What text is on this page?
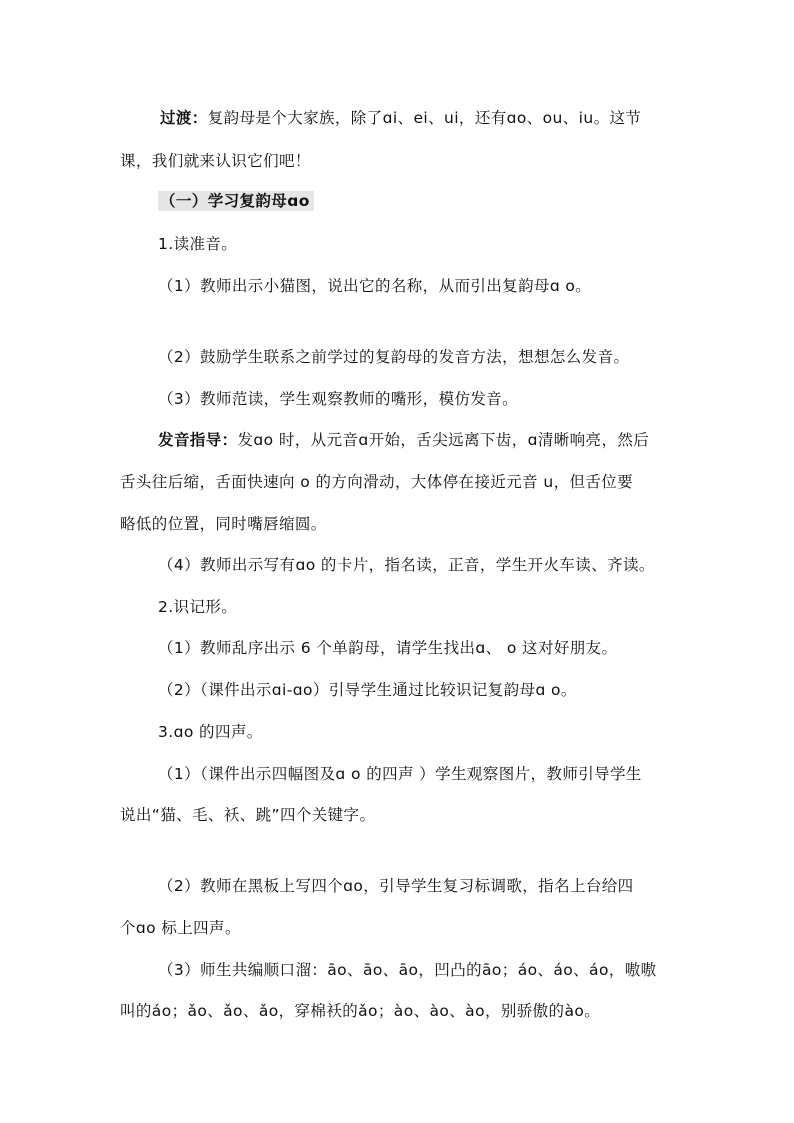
过渡：复韵母是个大家族，除了ɑi、ei、ui，还有ɑo、ou、iu。这节
课，我们就来认识它们吧！
（一）学习复韵母ɑo
1.读准音。
（1）教师出示小猫图，说出它的名称，从而引出复韵母ɑ o。
（2）鼓励学生联系之前学过的复韵母的发音方法，想想怎么发音。
（3）教师范读，学生观察教师的嘴形，模仿发音。
发音指导：发ɑo 时，从元音ɑ开始，舌尖远离下齿，ɑ清晰响亮，然后
舌头往后缩，舌面快速向 o 的方向滑动，大体停在接近元音 u，但舌位要
略低的位置，同时嘴唇缩圆。
（4）教师出示写有ɑo 的卡片，指名读，正音，学生开火车读、齐读。
2.识记形。
（1）教师乱序出示 6 个单韵母，请学生找出ɑ、 o 这对好朋友。
（2）（课件出示ɑi-ɑo）引导学生通过比较识记复韵母ɑ o。
3.ɑo 的四声。
（1）（课件出示四幅图及ɑ o 的四声 ）学生观察图片，教师引导学生
说出“猫、毛、袄、跳”四个关键字。
（2）教师在黑板上写四个ɑo，引导学生复习标调歌，指名上台给四
个ɑo 标上四声。
（3）师生共编顺口溜：āo、āo、āo，凹凸的āo；áo、áo、áo，嗷嗷
叫的áo；ǎo、ǎo、ǎo，穿棉袄的ǎo；ào、ào、ào，别骄傲的ào。
